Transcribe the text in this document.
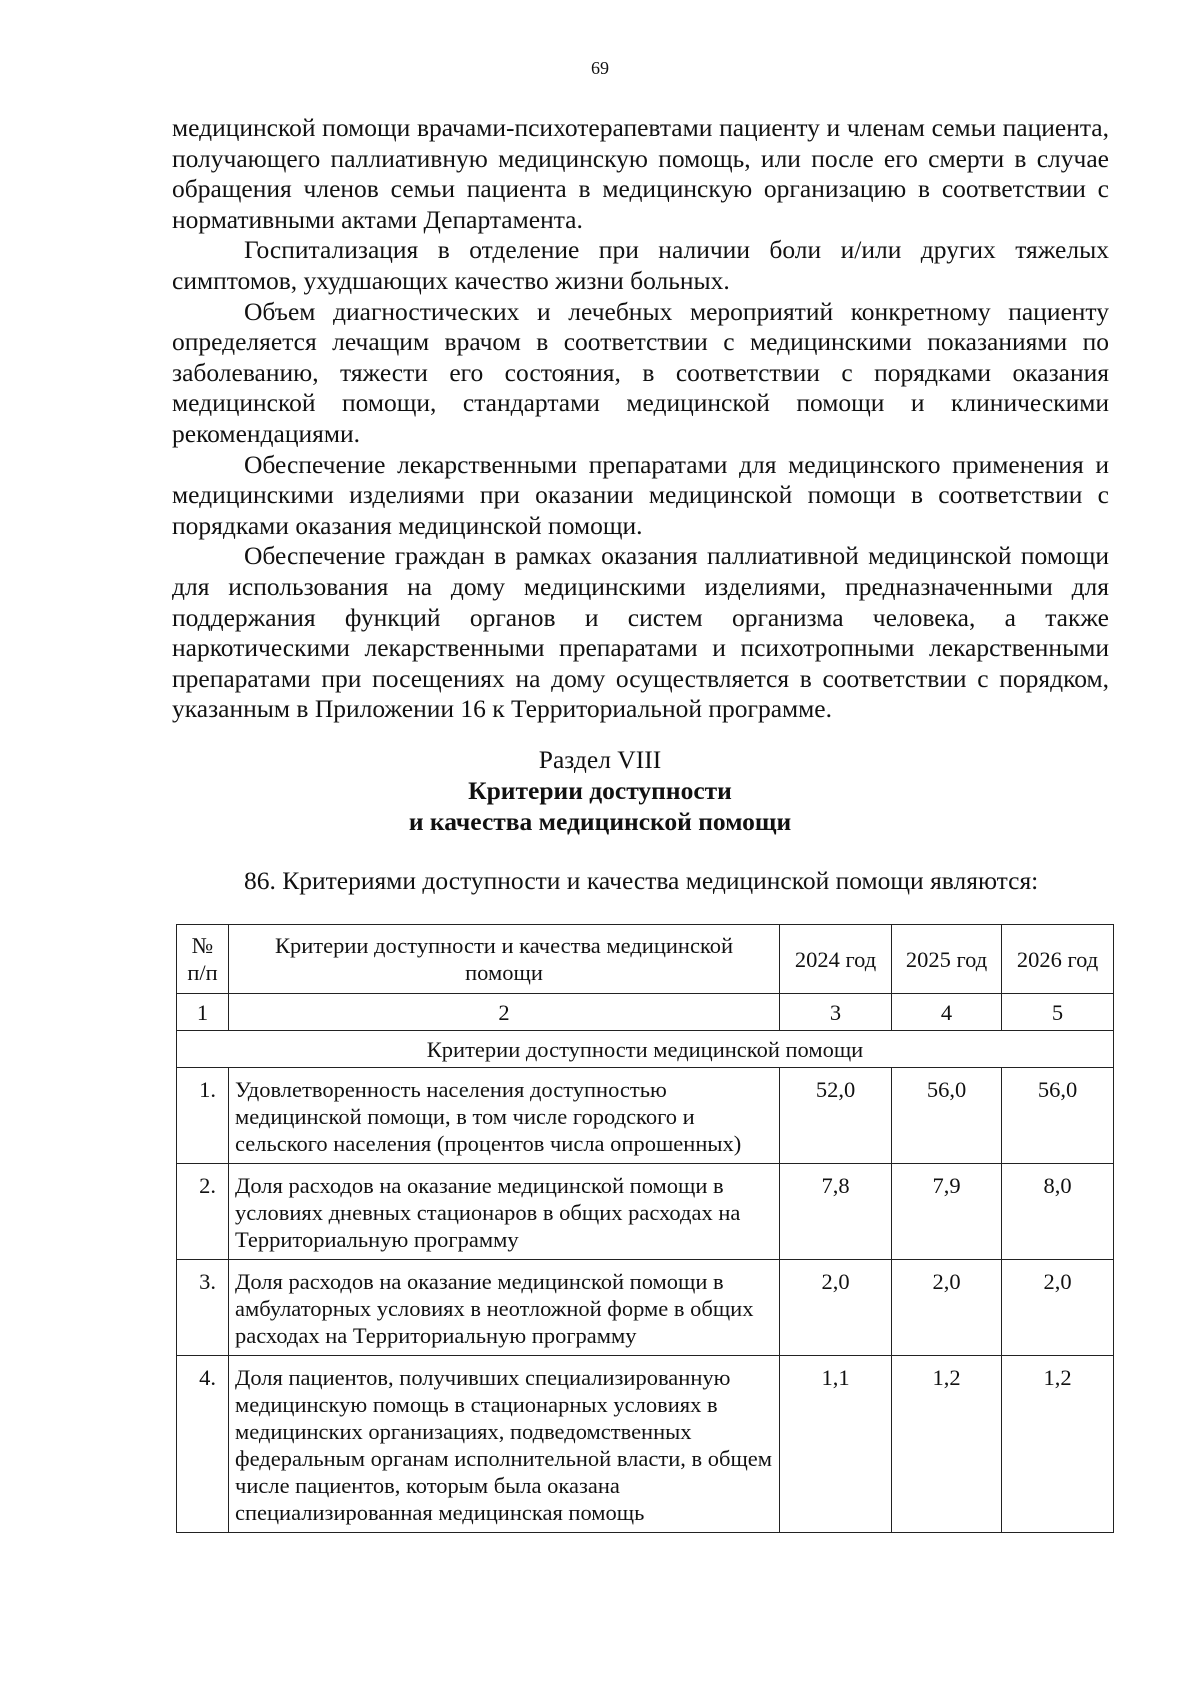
69

медицинской помощи врачами-психотерапевтами пациенту и членам семьи пациента, получающего паллиативную медицинскую помощь, или после его смерти в случае обращения членов семьи пациента в медицинскую организацию в соответствии с нормативными актами Департамента.

Госпитализация в отделение при наличии боли и/или других тяжелых симптомов, ухудшающих качество жизни больных.

Объем диагностических и лечебных мероприятий конкретному пациенту определяется лечащим врачом в соответствии с медицинскими показаниями по заболеванию, тяжести его состояния, в соответствии с порядками оказания медицинской помощи, стандартами медицинской помощи и клиническими рекомендациями.

Обеспечение лекарственными препаратами для медицинского применения и медицинскими изделиями при оказании медицинской помощи в соответствии с порядками оказания медицинской помощи.

Обеспечение граждан в рамках оказания паллиативной медицинской помощи для использования на дому медицинскими изделиями, предназначенными для поддержания функций органов и систем организма человека, а также наркотическими лекарственными препаратами и психотропными лекарственными препаратами при посещениях на дому осуществляется в соответствии с порядком, указанным в Приложении 16 к Территориальной программе.

Раздел VIII
Критерии доступности
и качества медицинской помощи
86. Критериями доступности и качества медицинской помощи являются:
№ п/п	Критерии доступности и качества медицинской помощи	2024 год	2025 год	2026 год
1	2	3	4	5
Критерии доступности медицинской помощи				
1.	Удовлетворенность населения доступностью медицинской помощи, в том числе городского и сельского населения (процентов числа опрошенных)	52,0	56,0	56,0
2.	Доля расходов на оказание медицинской помощи в условиях дневных стационаров в общих расходах на Территориальную программу	7,8	7,9	8,0
3.	Доля расходов на оказание медицинской помощи в амбулаторных условиях в неотложной форме в общих расходах на Территориальную программу	2,0	2,0	2,0
4.	Доля пациентов, получивших специализированную медицинскую помощь в стационарных условиях в медицинских организациях, подведомственных федеральным органам исполнительной власти, в общем числе пациентов, которым была оказана специализированная медицинская помощь	1,1	1,2	1,2
